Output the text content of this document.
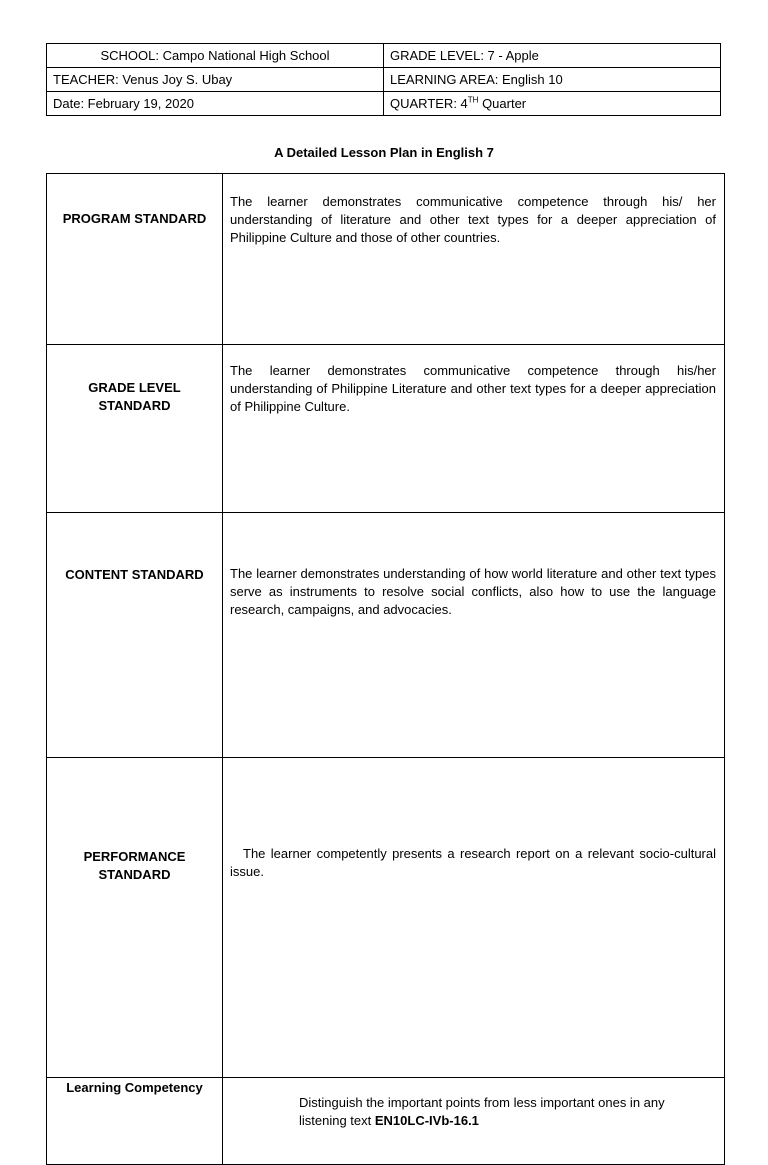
SCHOOL: Campo National High School	GRADE LEVEL: 7 - Apple
TEACHER: Venus Joy S. Ubay	LEARNING AREA: English 10
Date: February 19, 2020	QUARTER: 4TH Quarter
A Detailed Lesson Plan in English 7
PROGRAM STANDARD	The learner demonstrates communicative competence through his/ her understanding of literature and other text types for a deeper appreciation of Philippine Culture and those of other countries.
GRADE LEVEL
STANDARD	The learner demonstrates communicative competence through his/her understanding of Philippine Literature and other text types for a deeper appreciation of Philippine Culture.
CONTENT STANDARD	The learner demonstrates understanding of how world literature and other text types serve as instruments to resolve social conflicts, also how to use the language research, campaigns, and advocacies.
PERFORMANCE
STANDARD	The learner competently presents a research report on a relevant socio-cultural issue.
Learning Competency	Distinguish the important points from less important ones in any listening text EN10LC-IVb-16.1
